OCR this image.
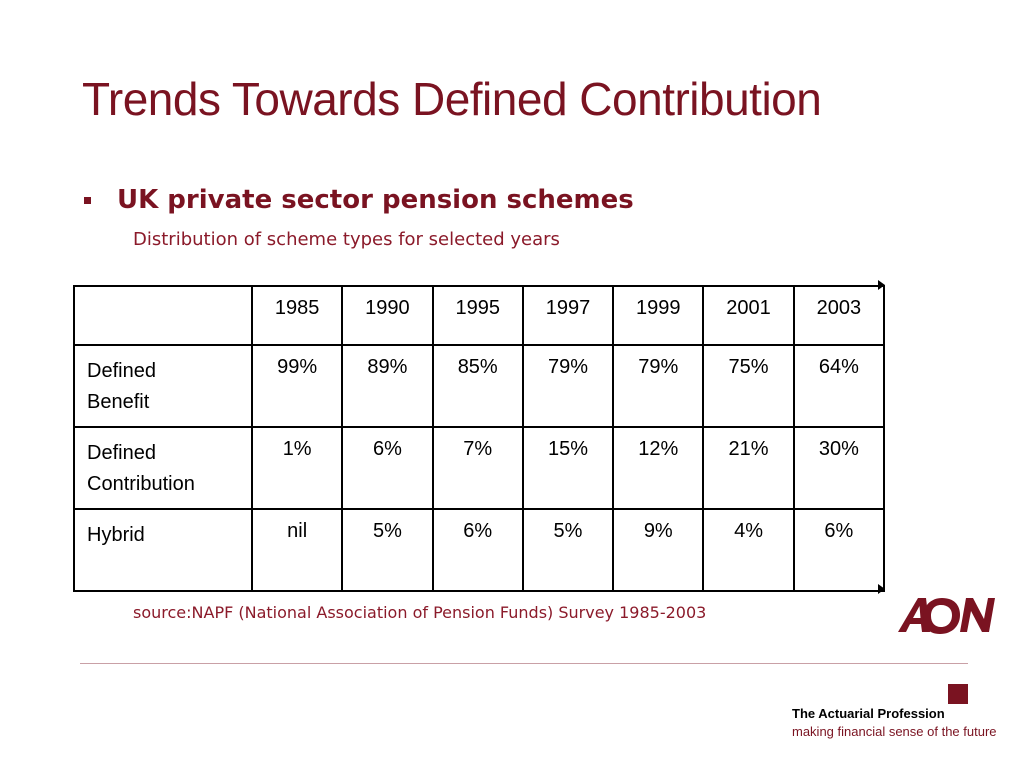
Trends Towards Defined Contribution
UK private sector pension schemes
Distribution of scheme types for selected years
	1985	1990	1995	1997	1999	2001	2003
Defined
Benefit	99%	89%	85%	79%	79%	75%	64%
Defined
Contribution	1%	6%	7%	15%	12%	21%	30%
Hybrid	nil	5%	6%	5%	9%	4%	6%
source:NAPF (National Association of Pension Funds) Survey 1985-2003
The Actuarial Profession
making financial sense of the future
